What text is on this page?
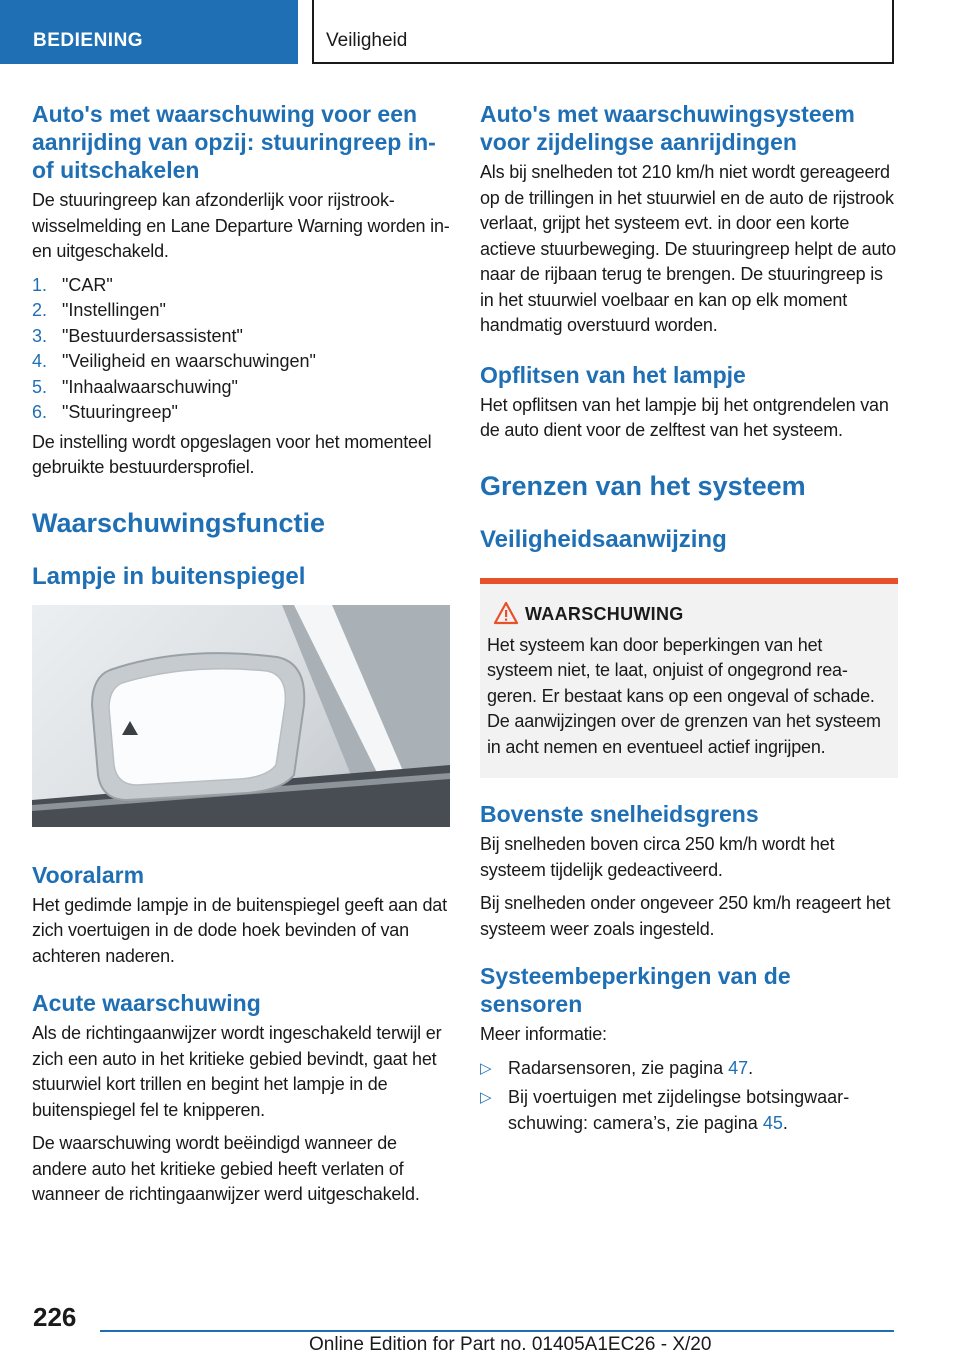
BEDIENING	Veiligheid
Auto's met waarschuwing voor een aanrijding van opzij: stuuringreep in- of uitschakelen

De stuuringreep kan afzonderlijk voor rijstrookwisselmelding en Lane Departure Warning worden in- en uitgeschakeld.

1. "CAR"
2. "Instellingen"
3. "Bestuurdersassistent"
4. "Veiligheid en waarschuwingen"
5. "Inhaalwaarschuwing"
6. "Stuuringreep"

De instelling wordt opgeslagen voor het momenteel gebruikte bestuurdersprofiel.

Waarschuwingsfunctie
Lampje in buitenspiegel
Vooralarm

Het gedimde lampje in de buitenspiegel geeft aan dat zich voertuigen in de dode hoek bevinden of van achteren naderen.

Acute waarschuwing

Als de richtingaanwijzer wordt ingeschakeld terwijl er zich een auto in het kritieke gebied bevindt, gaat het stuurwiel kort trillen en begint het lampje in de buitenspiegel fel te knipperen.

De waarschuwing wordt beëindigd wanneer de andere auto het kritieke gebied heeft verlaten of wanneer de richtingaanwijzer werd uitgeschakeld.

Auto's met waarschuwingsysteem voor zijdelingse aanrijdingen

Als bij snelheden tot 210 km/h niet wordt gereageerd op de trillingen in het stuurwiel en de auto de rijstrook verlaat, grijpt het systeem evt. in door een korte actieve stuurbeweging. De stuuringreep helpt de auto naar de rijbaan terug te brengen. De stuuringreep is in het stuurwiel voelbaar en kan op elk moment handmatig overstuurd worden.

Opflitsen van het lampje

Het opflitsen van het lampje bij het ontgrendelen van de auto dient voor de zelftest van het systeem.

Grenzen van het systeem
Veiligheidsaanwijzing
WAARSCHUWING

Het systeem kan door beperkingen van het systeem niet, te laat, onjuist of ongegrond reageren. Er bestaat kans op een ongeval of schade. De aanwijzingen over de grenzen van het systeem in acht nemen en eventueel actief ingrijpen.

Bovenste snelheidsgrens

Bij snelheden boven circa 250 km/h wordt het systeem tijdelijk gedeactiveerd.

Bij snelheden onder ongeveer 250 km/h reageert het systeem weer zoals ingesteld.

Systeembeperkingen van de sensoren

Meer informatie:

▷ Radarsensoren, zie pagina 47.
▷ Bij voertuigen met zijdelingse botsingwaarschuwing: camera’s, zie pagina 45.
226
Online Edition for Part no. 01405A1EC26 - X/20
